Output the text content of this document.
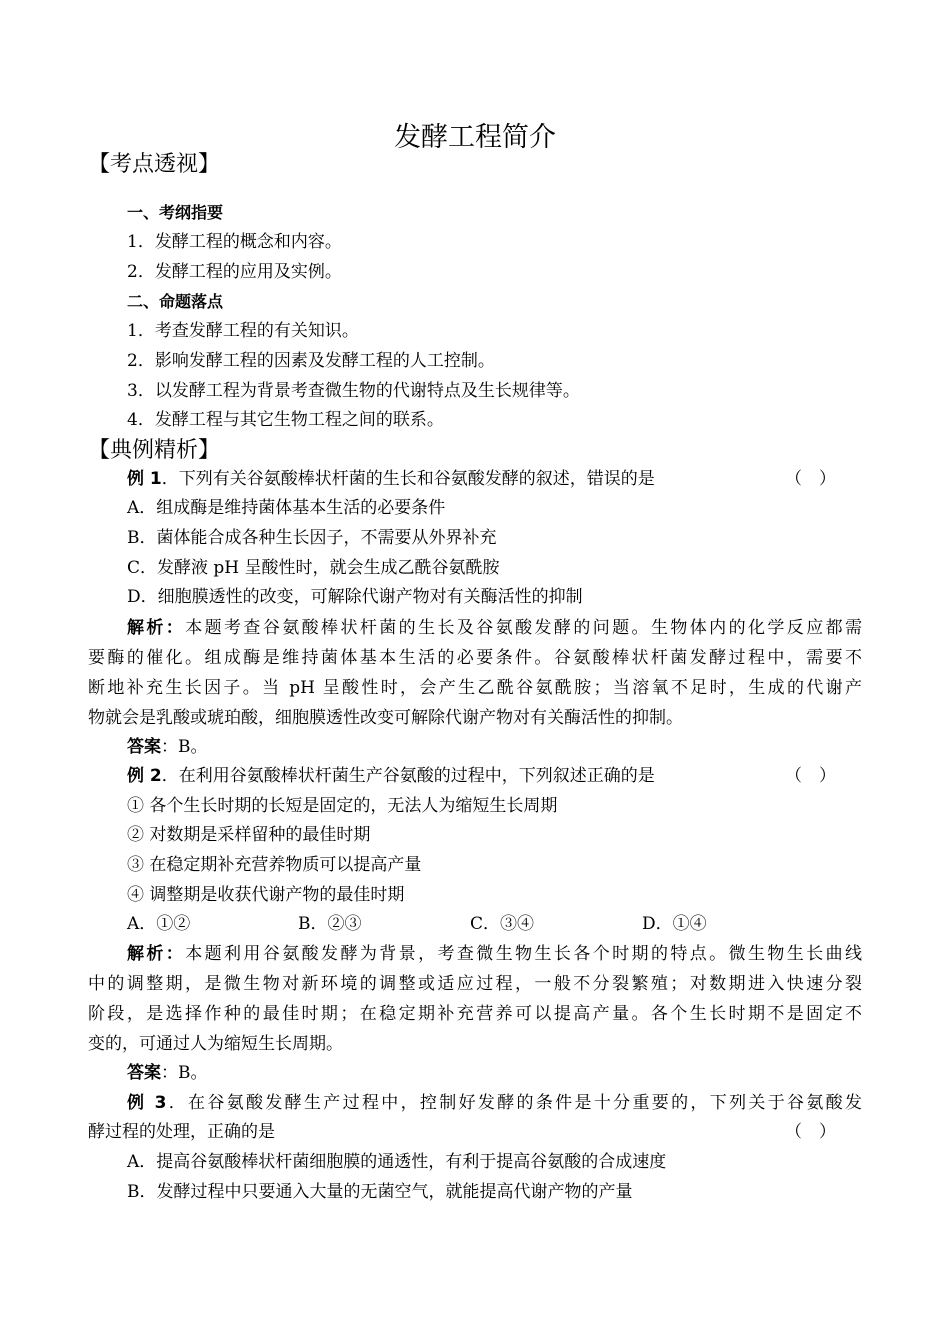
发酵工程简介
【考点透视】
一、考纲指要
1．发酵工程的概念和内容。
2．发酵工程的应用及实例。
二、命题落点
1．考查发酵工程的有关知识。
2．影响发酵工程的因素及发酵工程的人工控制。
3．以发酵工程为背景考查微生物的代谢特点及生长规律等。
4．发酵工程与其它生物工程之间的联系。
【典例精析】
例 1．下列有关谷氨酸棒状杆菌的生长和谷氨酸发酵的叙述，错误的是	（　）
A．组成酶是维持菌体基本生活的必要条件
B．菌体能合成各种生长因子，不需要从外界补充
C．发酵液 pH 呈酸性时，就会生成乙酰谷氨酰胺
D．细胞膜透性的改变，可解除代谢产物对有关酶活性的抑制
解析：本题考查谷氨酸棒状杆菌的生长及谷氨酸发酵的问题。生物体内的化学反应都需
要酶的催化。组成酶是维持菌体基本生活的必要条件。谷氨酸棒状杆菌发酵过程中，需要不
断地补充生长因子。当 pH 呈酸性时，会产生乙酰谷氨酰胺；当溶氧不足时，生成的代谢产
物就会是乳酸或琥珀酸，细胞膜透性改变可解除代谢产物对有关酶活性的抑制。
答案：B。
例 2．在利用谷氨酸棒状杆菌生产谷氨酸的过程中，下列叙述正确的是	（　）
① 各个生长时期的长短是固定的，无法人为缩短生长周期
② 对数期是采样留种的最佳时期
③ 在稳定期补充营养物质可以提高产量
④ 调整期是收获代谢产物的最佳时期
A．①②	B．②③	C．③④	D．①④
解析：本题利用谷氨酸发酵为背景，考查微生物生长各个时期的特点。微生物生长曲线
中的调整期，是微生物对新环境的调整或适应过程，一般不分裂繁殖；对数期进入快速分裂
阶段，是选择作种的最佳时期；在稳定期补充营养可以提高产量。各个生长时期不是固定不
变的，可通过人为缩短生长周期。
答案：B。
例 3．在谷氨酸发酵生产过程中，控制好发酵的条件是十分重要的，下列关于谷氨酸发
酵过程的处理，正确的是	（　）
A．提高谷氨酸棒状杆菌细胞膜的通透性，有利于提高谷氨酸的合成速度
B．发酵过程中只要通入大量的无菌空气，就能提高代谢产物的产量
